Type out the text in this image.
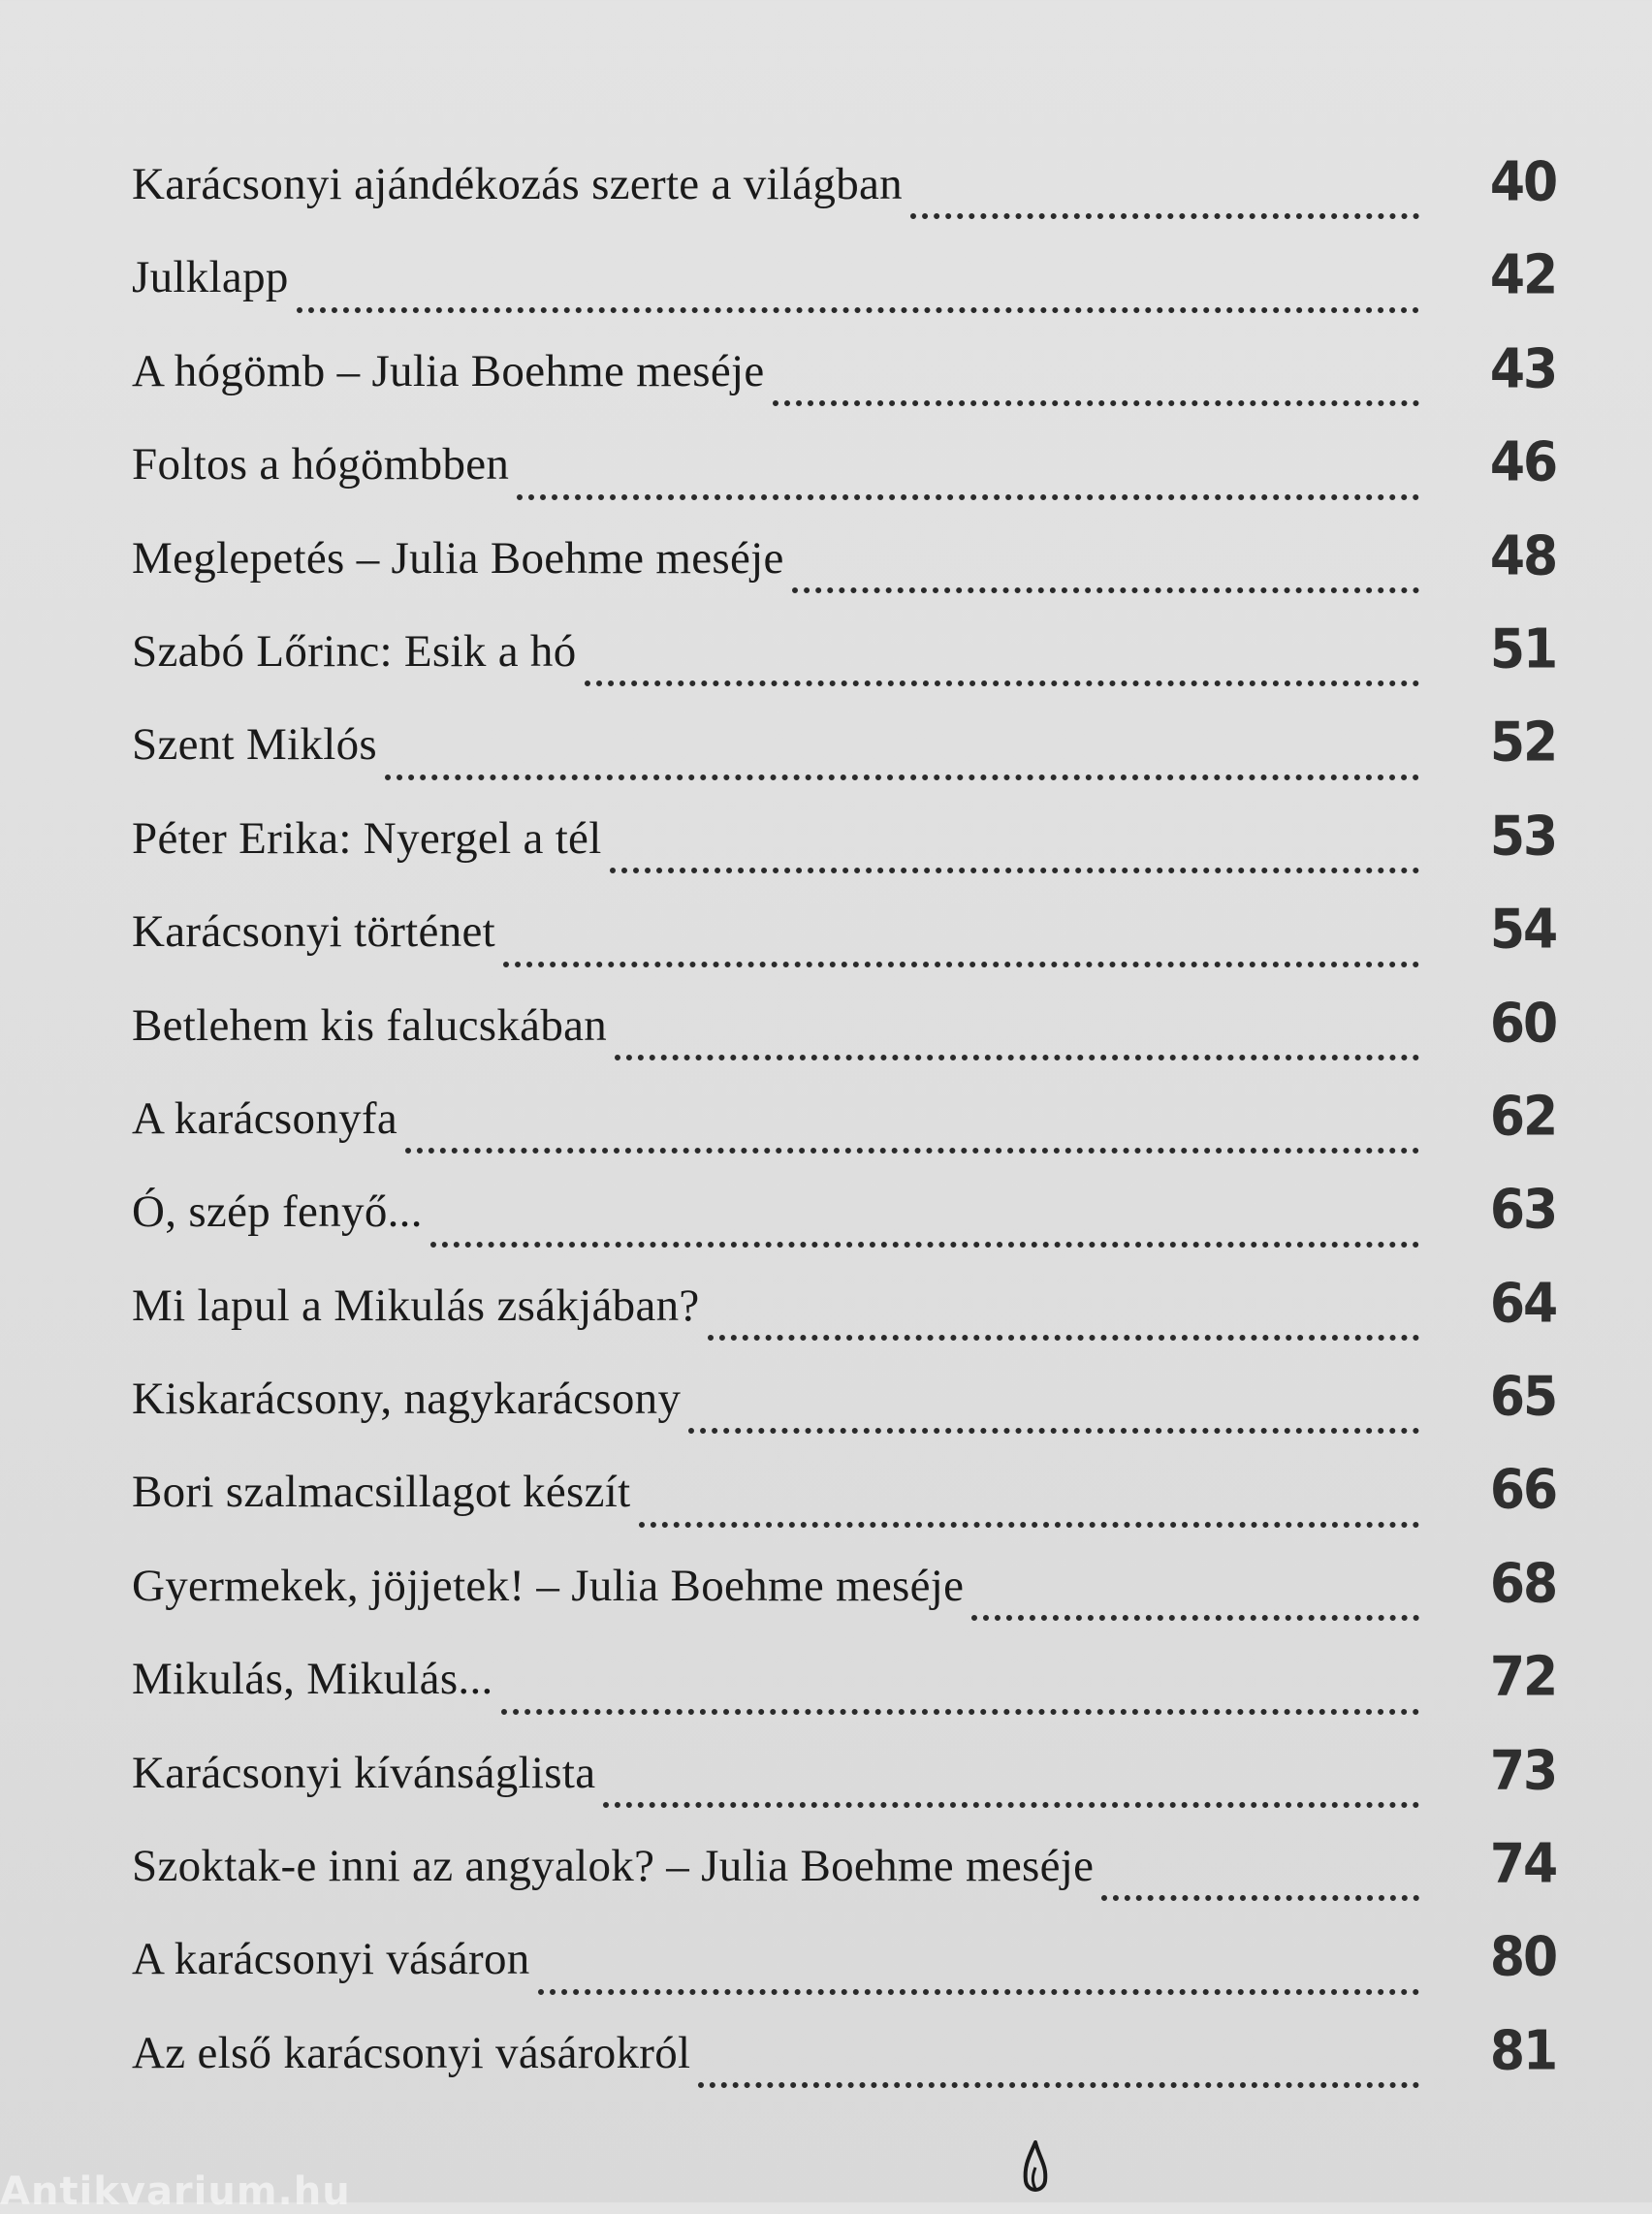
Karácsonyi ajándékozás szerte a világban	40
Julklapp	42
A hógömb – Julia Boehme meséje	43
Foltos a hógömbben	46
Meglepetés – Julia Boehme meséje	48
Szabó Lőrinc: Esik a hó	51
Szent Miklós	52
Péter Erika: Nyergel a tél	53
Karácsonyi történet	54
Betlehem kis falucskában	60
A karácsonyfa	62
Ó, szép fenyő...	63
Mi lapul a Mikulás zsákjában?	64
Kiskarácsony, nagykarácsony	65
Bori szalmacsillagot készít	66
Gyermekek, jöjjetek! – Julia Boehme meséje	68
Mikulás, Mikulás...	72
Karácsonyi kívánságlista	73
Szoktak-e inni az angyalok? – Julia Boehme meséje	74
A karácsonyi vásáron	80
Az első karácsonyi vásárokról	81
Antikvarium.hu
